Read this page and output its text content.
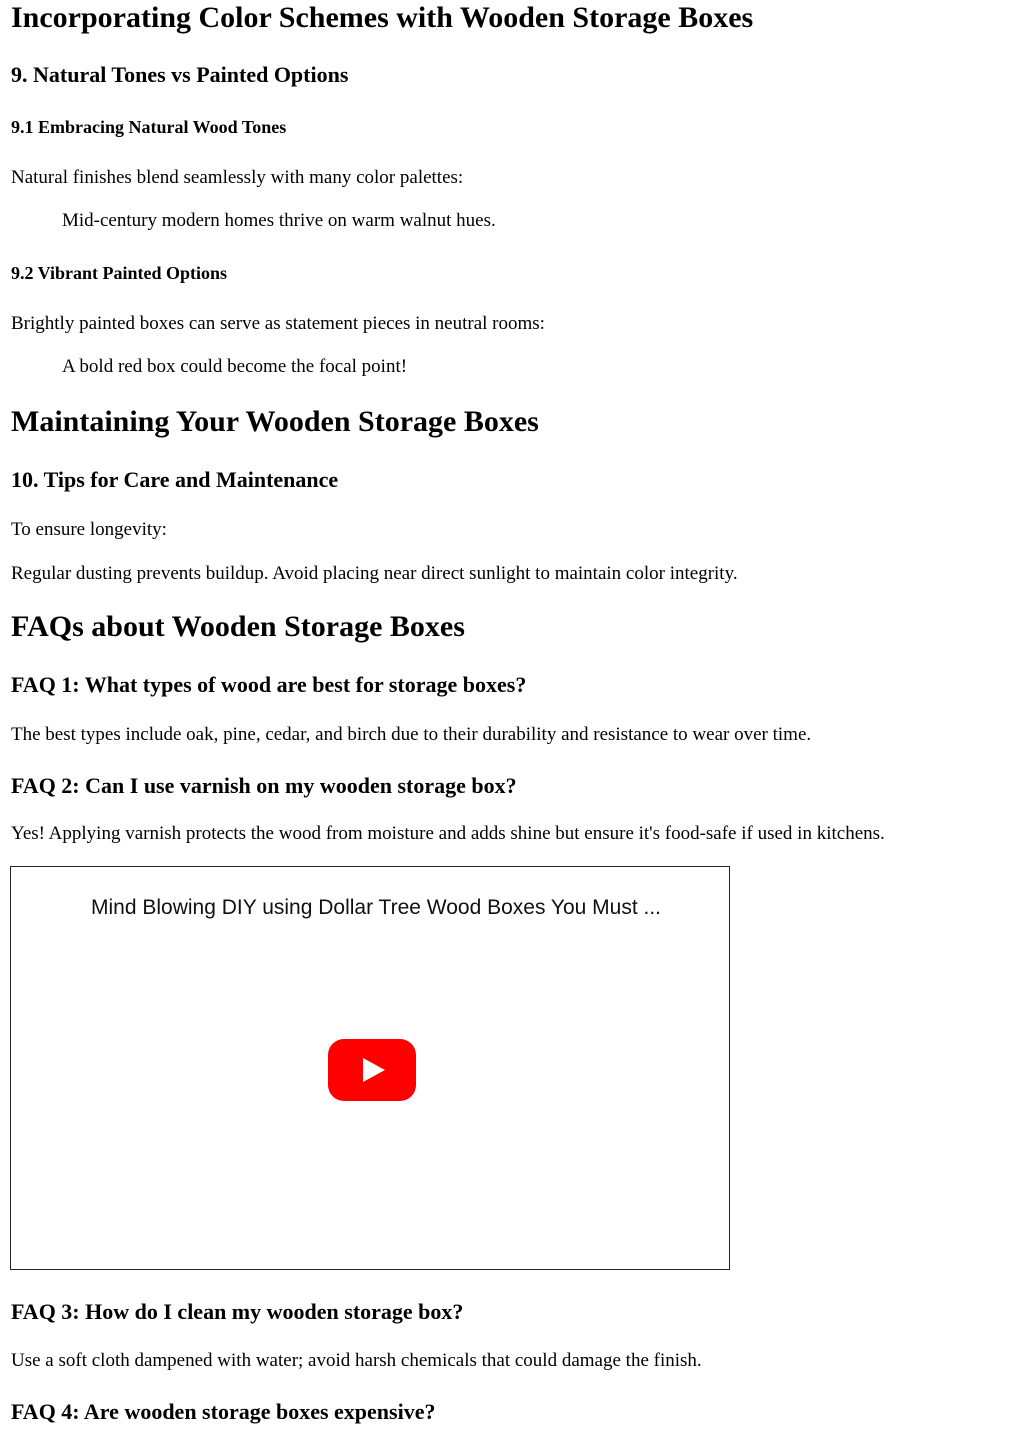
Incorporating Color Schemes with Wooden Storage Boxes
9. Natural Tones vs Painted Options
9.1 Embracing Natural Wood Tones

Natural finishes blend seamlessly with many color palettes:

Mid-century modern homes thrive on warm walnut hues.

9.2 Vibrant Painted Options

Brightly painted boxes can serve as statement pieces in neutral rooms:

A bold red box could become the focal point!

Maintaining Your Wooden Storage Boxes
10. Tips for Care and Maintenance

To ensure longevity:

Regular dusting prevents buildup. Avoid placing near direct sunlight to maintain color integrity.

FAQs about Wooden Storage Boxes
FAQ 1: What types of wood are best for storage boxes?

The best types include oak, pine, cedar, and birch due to their durability and resistance to wear over time.

FAQ 2: Can I use varnish on my wooden storage box?

Yes! Applying varnish protects the wood from moisture and adds shine but ensure it's food-safe if used in kitchens.

Mind Blowing DIY using Dollar Tree Wood Boxes You Must ...
FAQ 3: How do I clean my wooden storage box?

Use a soft cloth dampened with water; avoid harsh chemicals that could damage the finish.

FAQ 4: Are wooden storage boxes expensive?
